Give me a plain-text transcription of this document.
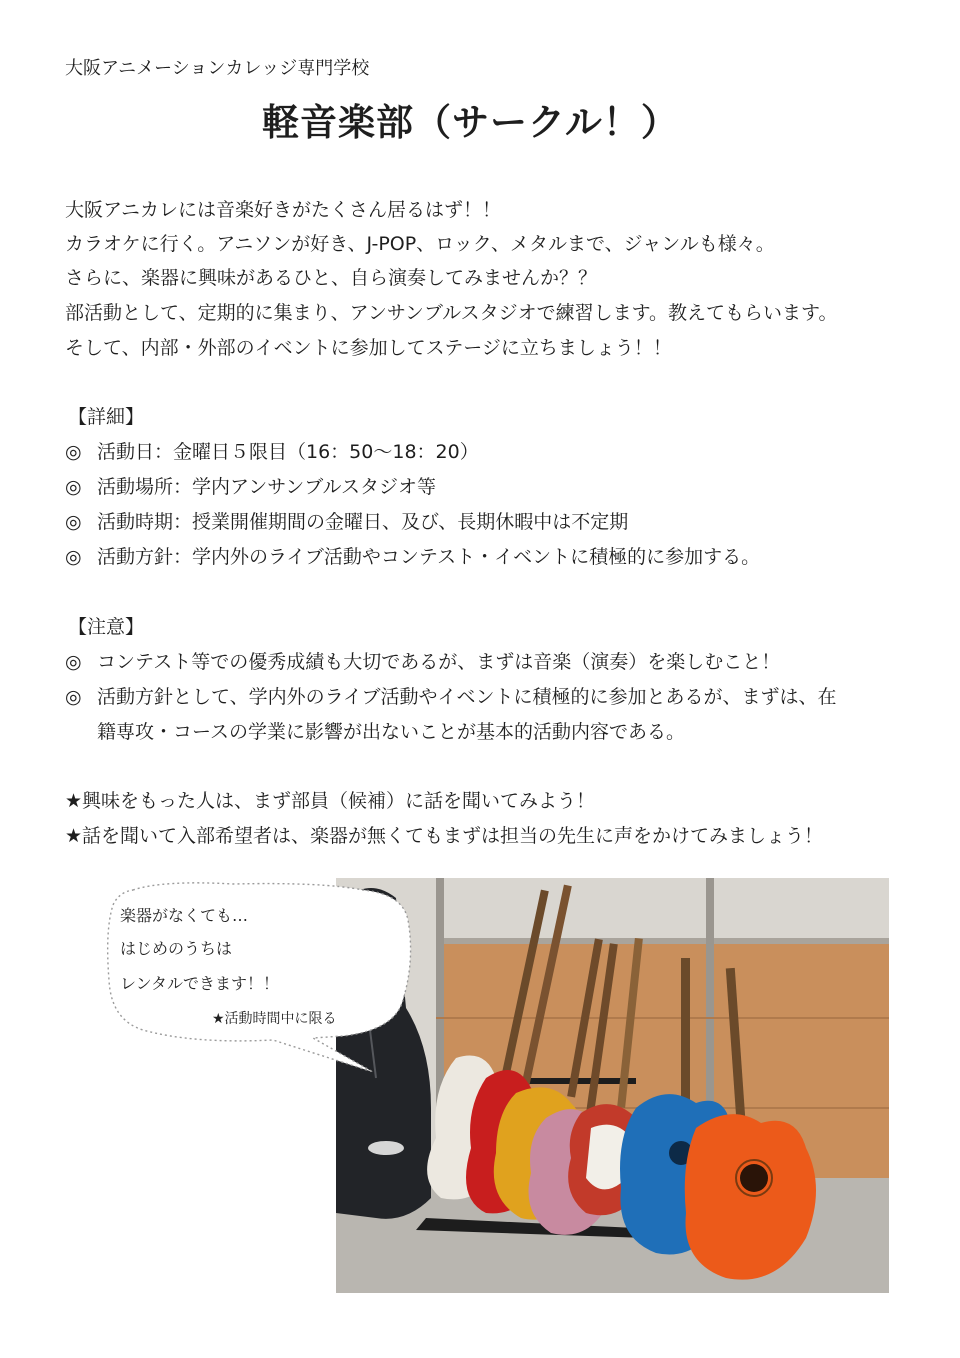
大阪アニメーションカレッジ専門学校
軽音楽部（サークル！）
大阪アニカレには音楽好きがたくさん居るはず！！
カラオケに行く。アニソンが好き、J-POP、ロック、メタルまで、ジャンルも様々。
さらに、楽器に興味があるひと、自ら演奏してみませんか？？
部活動として、定期的に集まり、アンサンブルスタジオで練習します。教えてもらいます。
そして、内部・外部のイベントに参加してステージに立ちましょう！！
【詳細】
◎ 活動日：金曜日５限目（16：50～18：20）
◎ 活動場所：学内アンサンブルスタジオ等
◎ 活動時期：授業開催期間の金曜日、及び、長期休暇中は不定期
◎ 活動方針：学内外のライブ活動やコンテスト・イベントに積極的に参加する。
【注意】
◎ コンテスト等での優秀成績も大切であるが、まずは音楽（演奏）を楽しむこと！
◎ 活動方針として、学内外のライブ活動やイベントに積極的に参加とあるが、まずは、在
籍専攻・コースの学業に影響が出ないことが基本的活動内容である。
★興味をもった人は、まず部員（候補）に話を聞いてみよう！
★話を聞いて入部希望者は、楽器が無くてもまずは担当の先生に声をかけてみましょう！
楽器がなくても…
はじめのうちは
レンタルできます！！
★活動時間中に限る
